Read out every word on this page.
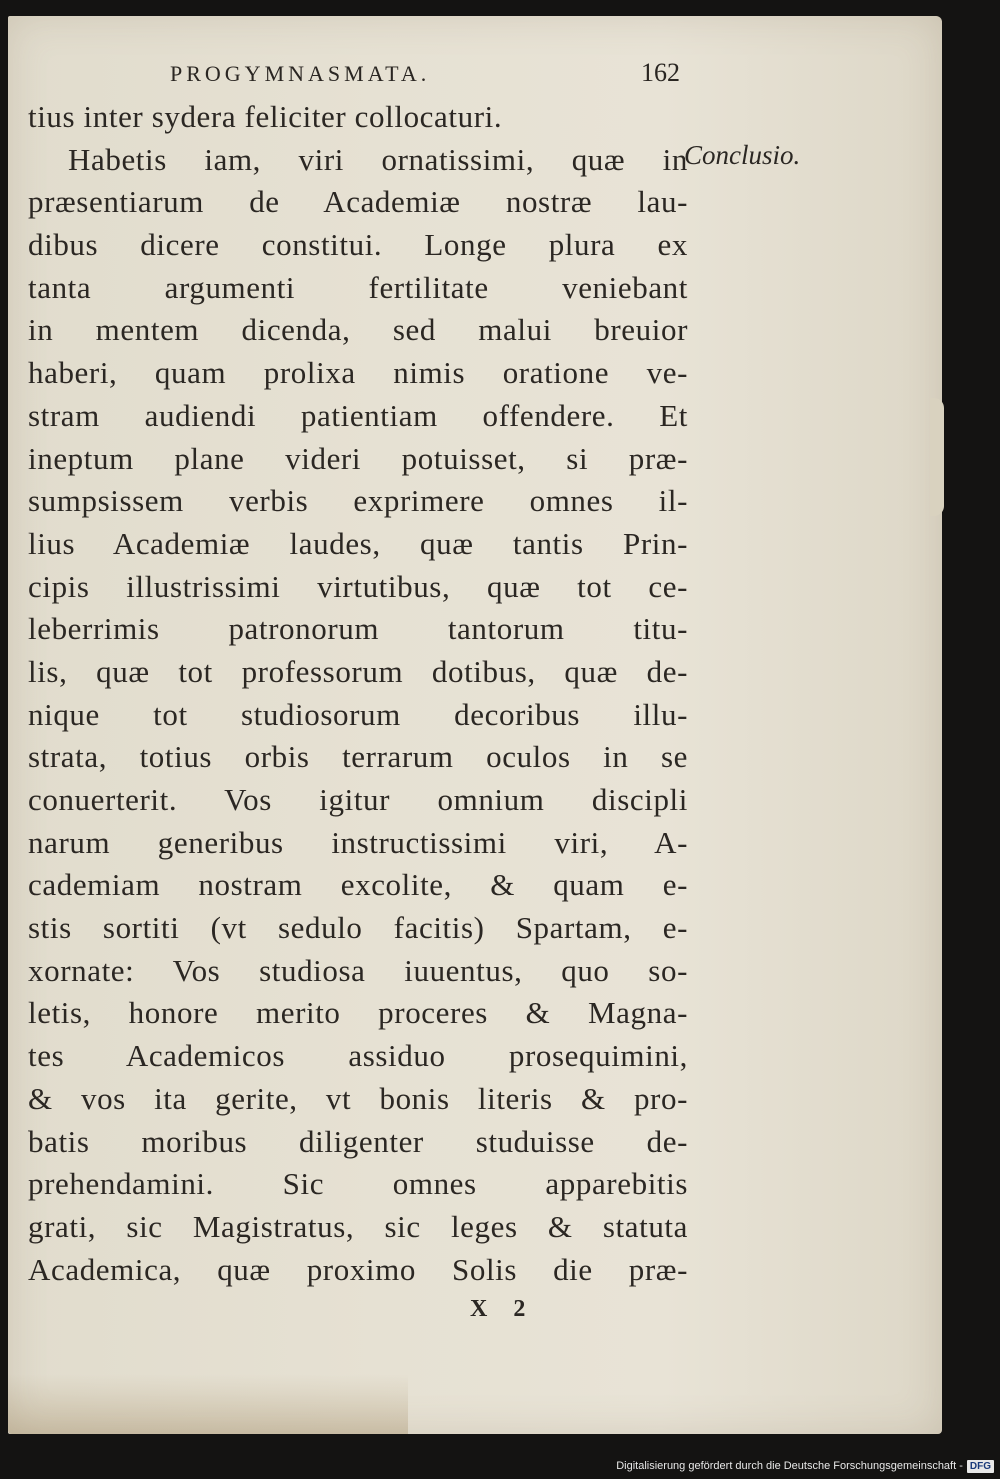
PROGYMNASMATA.	162
Conclusio.
tius inter sydera feliciter collocaturi.
Habetis iam, viri ornatissimi, quæ in
præsentiarum de Academiæ nostræ lau-
dibus dicere constitui. Longe plura ex
tanta argumenti fertilitate veniebant
in mentem dicenda, sed malui breuior
haberi, quam prolixa nimis oratione ve-
stram audiendi patientiam offendere. Et
ineptum plane videri potuisset, si præ-
sumpsissem verbis exprimere omnes il-
lius Academiæ laudes, quæ tantis Prin-
cipis illustrissimi virtutibus, quæ tot ce-
leberrimis patronorum tantorum titu-
lis, quæ tot professorum dotibus, quæ de-
nique tot studiosorum decoribus illu-
strata, totius orbis terrarum oculos in se
conuerterit. Vos igitur omnium discipli
narum generibus instructissimi viri, A-
cademiam nostram excolite, & quam e-
stis sortiti (vt sedulo facitis) Spartam, e-
xornate: Vos studiosa iuuentus, quo so-
letis, honore merito proceres & Magna-
tes Academicos assiduo prosequimini,
& vos ita gerite, vt bonis literis & pro-
batis moribus diligenter studuisse de-
prehendamini. Sic omnes apparebitis
grati, sic Magistratus, sic leges & statuta
Academica, quæ proximo Solis die præ-
X 2
Digitalisierung gefördert durch die Deutsche Forschungsgemeinschaft - DFG
